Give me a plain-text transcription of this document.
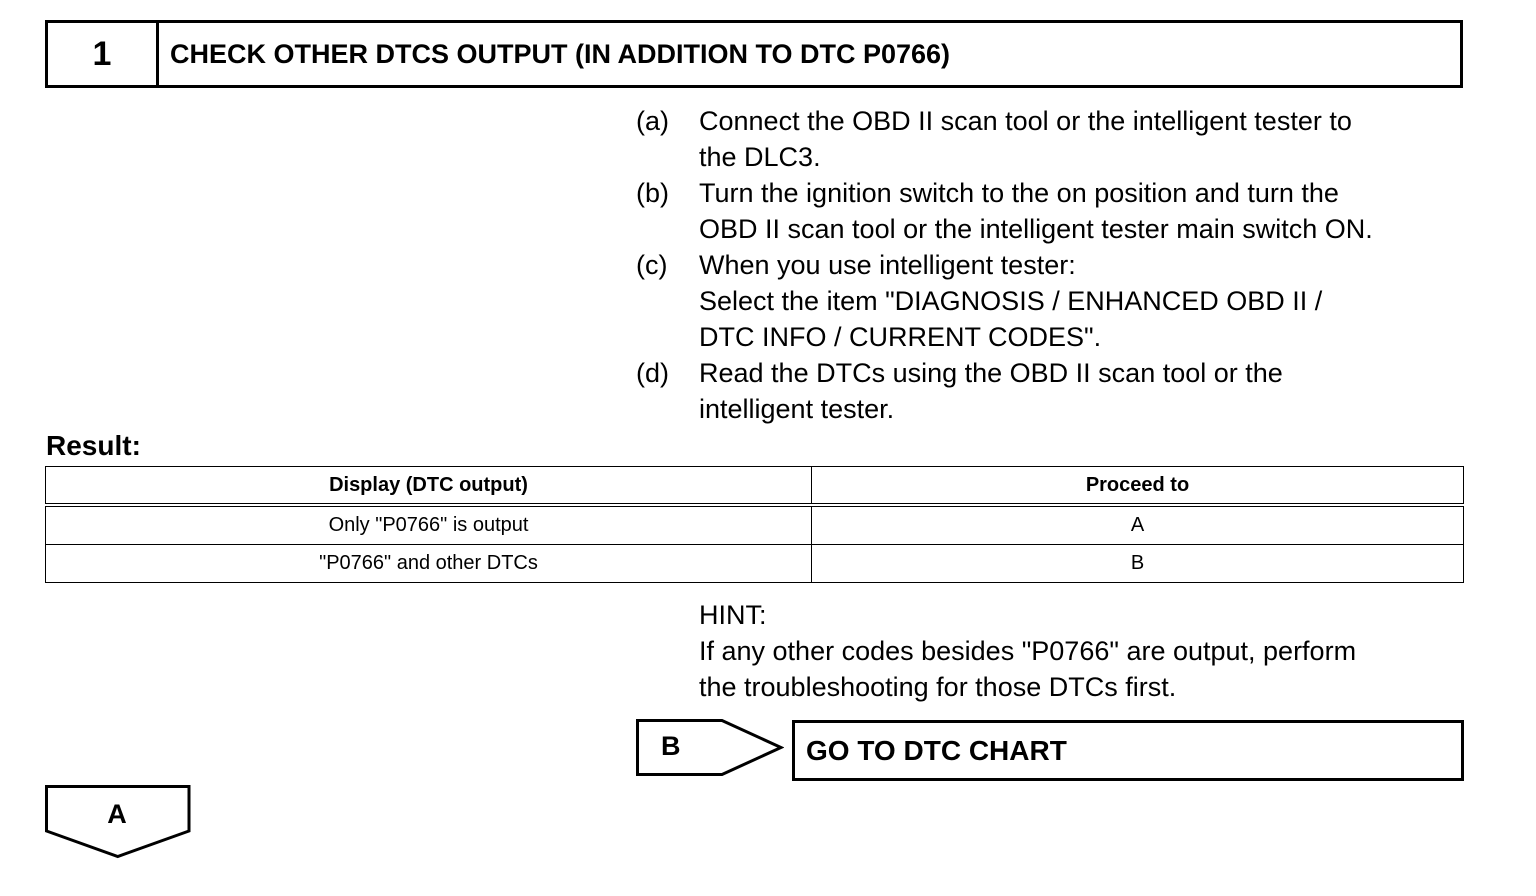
1	CHECK OTHER DTCS OUTPUT (IN ADDITION TO DTC P0766)
(a)	Connect the OBD II scan tool or the intelligent tester to
the DLC3.
(b)	Turn the ignition switch to the on position and turn the
OBD II scan tool or the intelligent tester main switch ON.
(c)	When you use intelligent tester:
Select the item "DIAGNOSIS / ENHANCED OBD II /
DTC INFO / CURRENT CODES".
(d)	Read the DTCs using the OBD II scan tool or the
intelligent tester.
Result:
Display (DTC output)	Proceed to
Only "P0766" is output	A
"P0766" and other DTCs	B
HINT:
If any other codes besides "P0766" are output, perform
the troubleshooting for those DTCs first.
B	GO TO DTC CHART
A
